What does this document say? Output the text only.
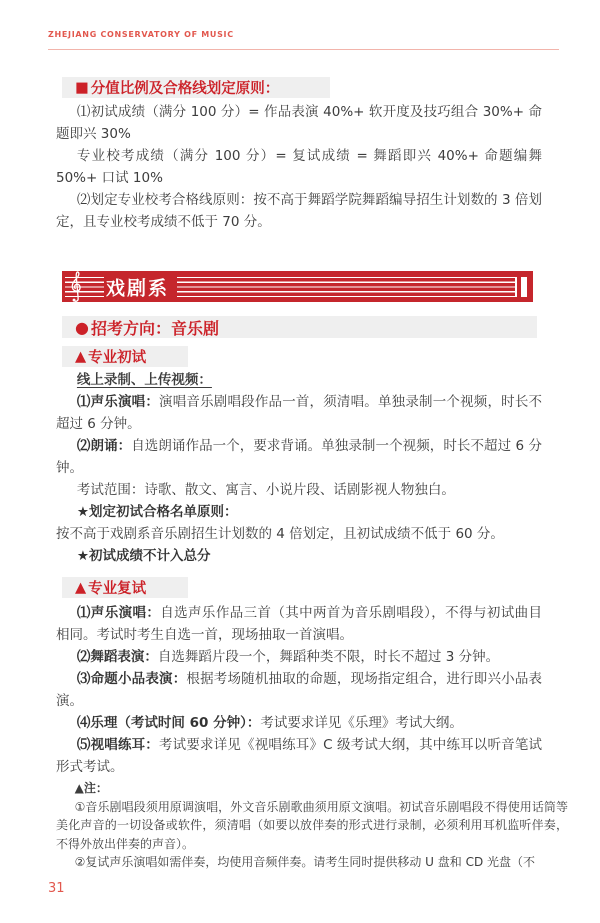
ZHEJIANG CONSERVATORY OF MUSIC
■ 分值比例及合格线划定原则：

⑴初试成绩（满分 100 分）= 作品表演 40%+ 软开度及技巧组合 30%+ 命题即兴 30%

专业校考成绩（满分 100 分）= 复试成绩 = 舞蹈即兴 40%+ 命题编舞 50%+ 口试 10%

⑵划定专业校考合格线原则：按不高于舞蹈学院舞蹈编导招生计划数的 3 倍划定，且专业校考成绩不低于 70 分。

戏剧系
● 招考方向：音乐剧
▲ 专业初试

线上录制、上传视频：

⑴声乐演唱：演唱音乐剧唱段作品一首，须清唱。单独录制一个视频，时长不超过 6 分钟。

⑵朗诵：自选朗诵作品一个，要求背诵。单独录制一个视频，时长不超过 6 分钟。

考试范围：诗歌、散文、寓言、小说片段、话剧影视人物独白。

★划定初试合格名单原则：

按不高于戏剧系音乐剧招生计划数的 4 倍划定，且初试成绩不低于 60 分。

★初试成绩不计入总分

▲ 专业复试

⑴声乐演唱：自选声乐作品三首（其中两首为音乐剧唱段），不得与初试曲目相同。考试时考生自选一首，现场抽取一首演唱。

⑵舞蹈表演：自选舞蹈片段一个，舞蹈种类不限，时长不超过 3 分钟。

⑶命题小品表演：根据考场随机抽取的命题，现场指定组合，进行即兴小品表演。

⑷乐理（考试时间 60 分钟）：考试要求详见《乐理》考试大纲。

⑸视唱练耳：考试要求详见《视唱练耳》C 级考试大纲，其中练耳以听音笔试形式考试。

▲注：

①音乐剧唱段须用原调演唱，外文音乐剧歌曲须用原文演唱。初试音乐剧唱段不得使用话筒等美化声音的一切设备或软件，须清唱（如要以放伴奏的形式进行录制，必须利用耳机监听伴奏，不得外放出伴奏的声音）。

②复试声乐演唱如需伴奏，均使用音频伴奏。请考生同时提供移动 U 盘和 CD 光盘（不

31
